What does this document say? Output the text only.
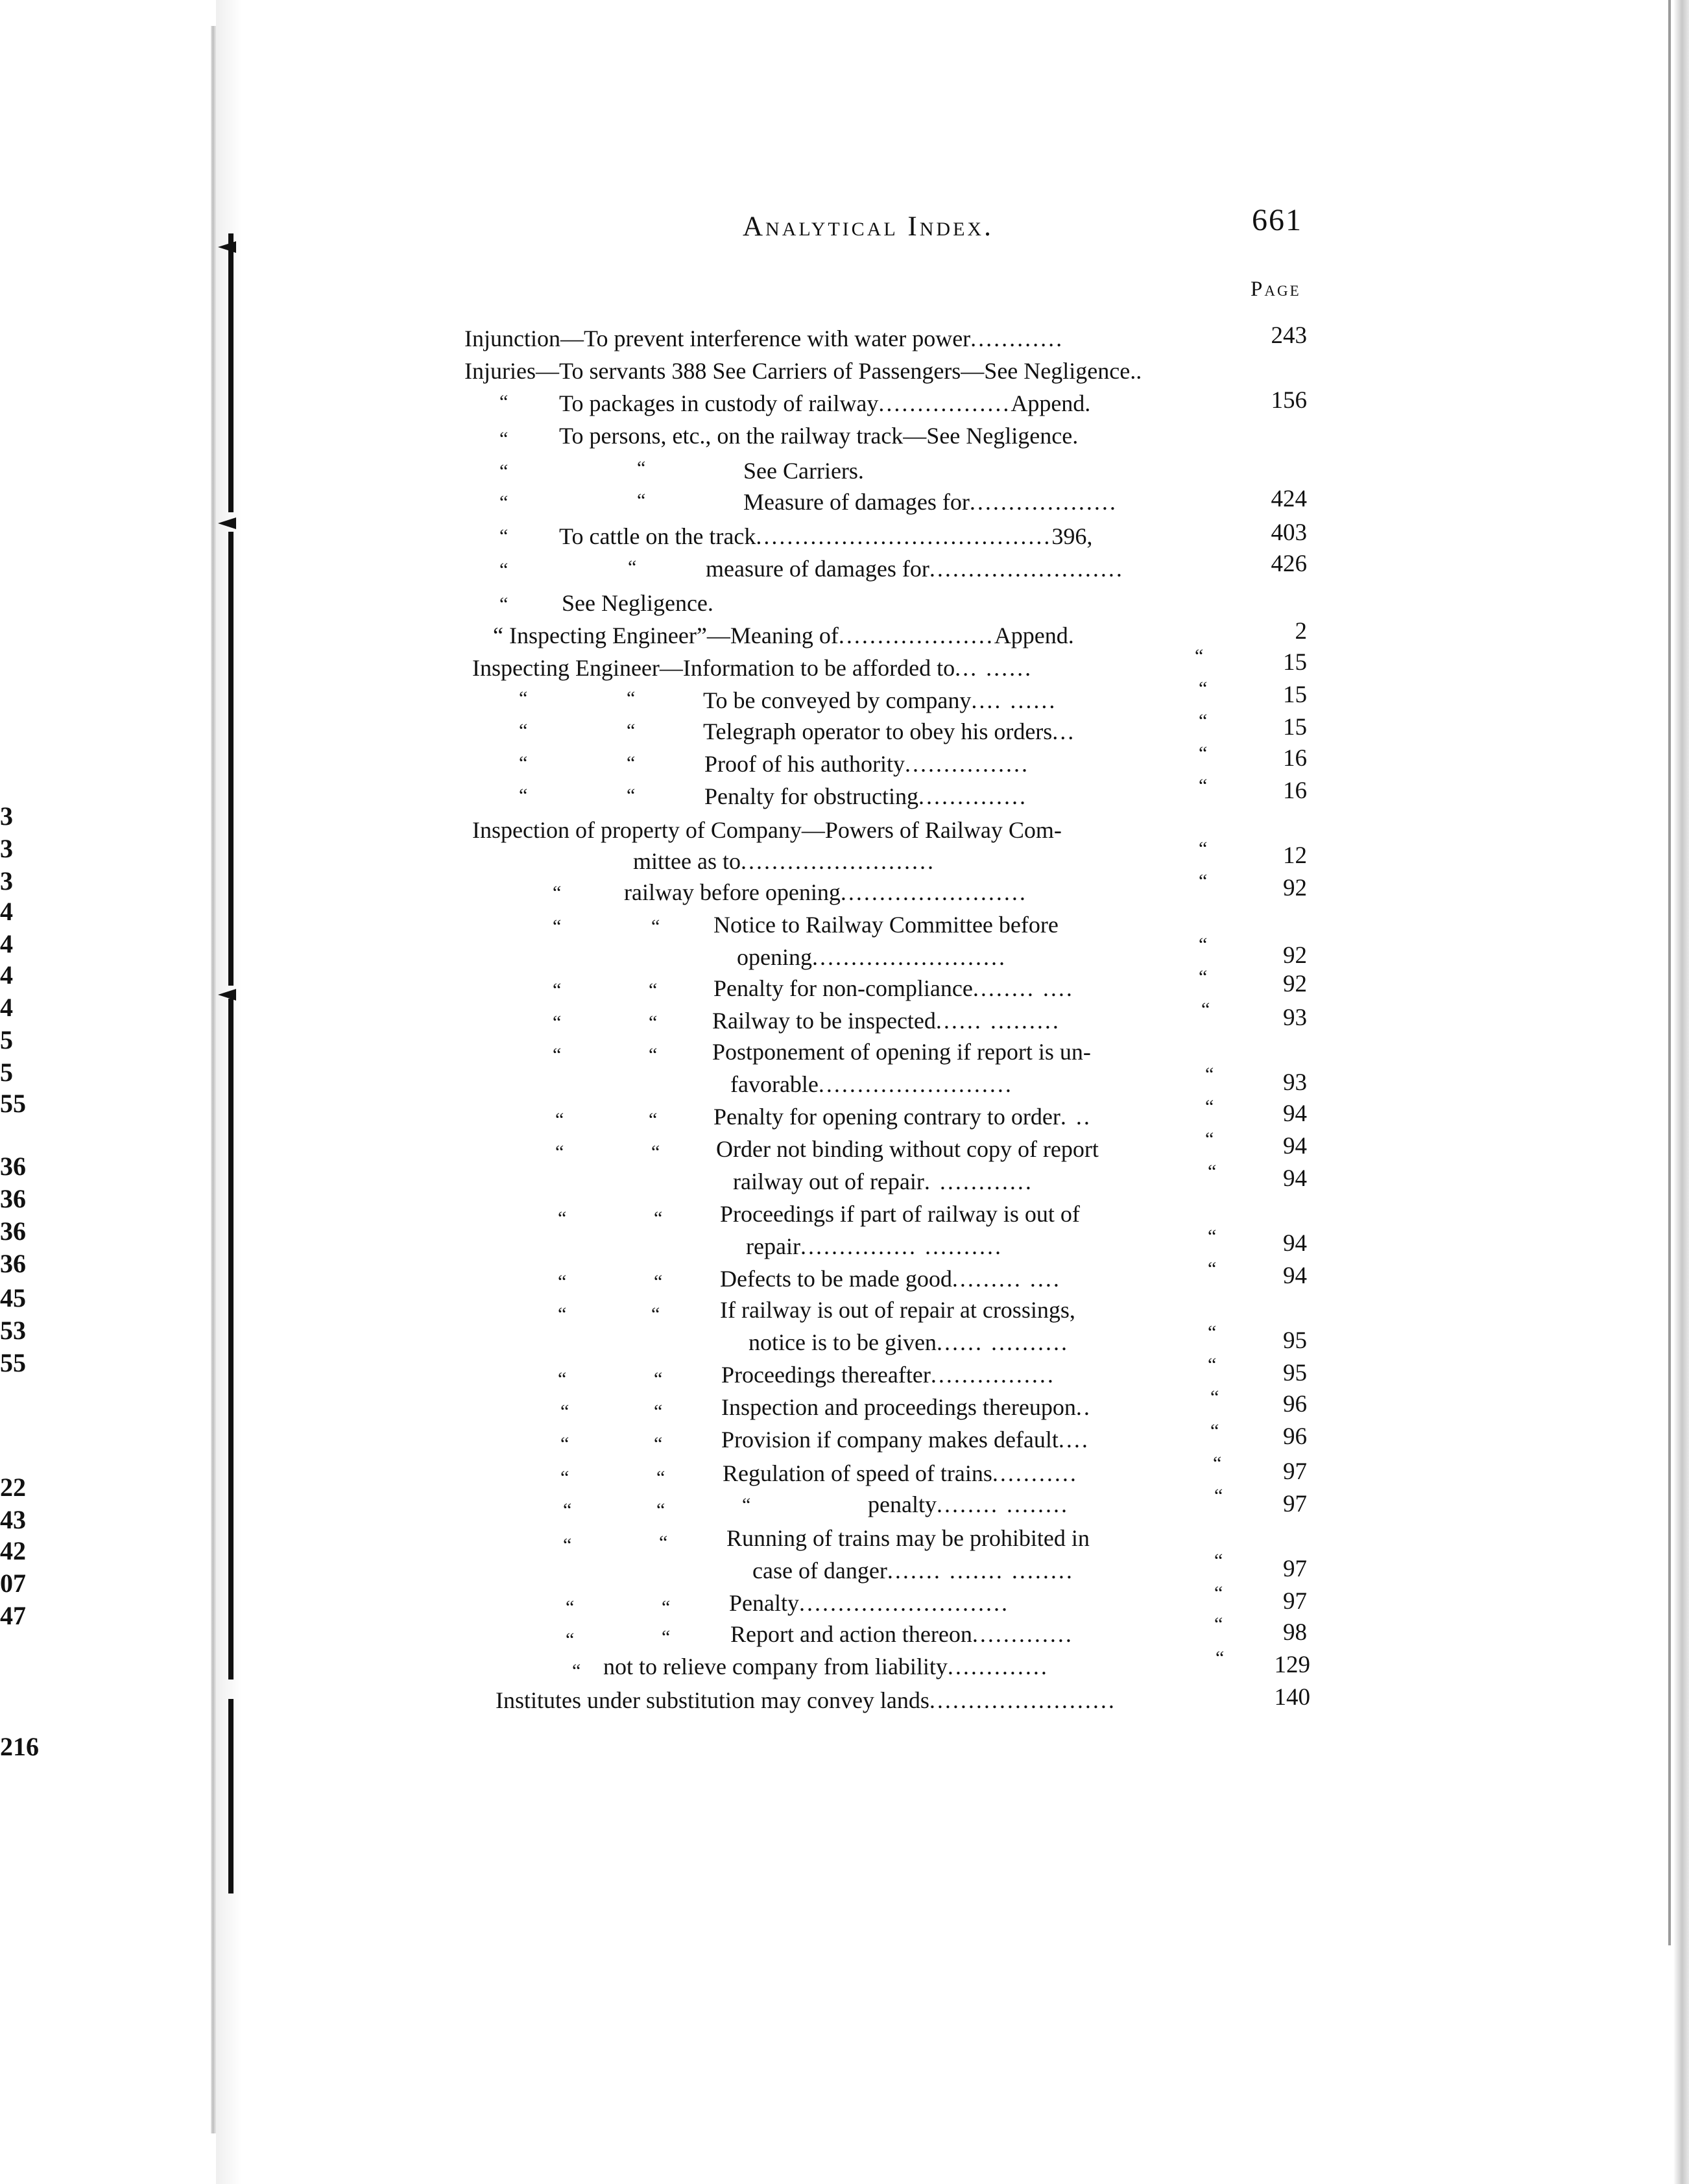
3
3
3
4
4
4
4
5
5
55
36
36
36
36
45
53
55
22
43
42
07
47
216
Analytical Index.	661
Page
Injunction—To prevent interference with water power............	243
Injuries—To servants 388 See Carriers of Passengers—See Negligence..
“ To packages in custody of railway.................Append.	156
“ To persons, etc., on the railway track—See Negligence.
“	“	See Carriers.
“	“	Measure of damages for...................	424
“ To cattle on the track......................................396,	403
“	“	measure of damages for.........................	426
“ See Negligence.
“ Inspecting Engineer”—Meaning of....................Append.	2
Inspecting Engineer—Information to be afforded to... ......	“	15
“	“	To be conveyed by company.... ......	“	15
“	“	Telegraph operator to obey his orders...	“	15
“	“	Proof of his authority................	“	16
“	“	Penalty for obstructing..............	“	16
Inspection of property of Company—Powers of Railway Com-
mittee as to.........................	“	12
“	railway before opening........................	“	92
“	“ Notice to Railway Committee before
opening.........................	“	92
“	“ Penalty for non-compliance........ ....	“	92
“	“ Railway to be inspected...... .........	“	93
“	“ Postponement of opening if report is un-
favorable.........................	“	93
“	“ Penalty for opening contrary to order. ..	“	94
“	“ Order not binding without copy of report	“	94
railway out of repair. ............	“	94
“	“ Proceedings if part of railway is out of
repair............... ..........	“	94
“	“ Defects to be made good......... ....	“	94
“	“	If railway is out of repair at crossings,
notice is to be given...... ..........	“	95
“	“	Proceedings thereafter................	“	95
“	“	Inspection and proceedings thereupon..	“	96
“	“	Provision if company makes default....	“	96
“	“ Regulation of speed of trains...........	“	97
“	“	“	penalty........ ........	“	97
“	“	Running of trains may be prohibited in
case of danger....... ....... ........	“	97
“	“	Penalty...........................	“	97
“	“	Report and action thereon.............	“	98
“ not to relieve company from liability.............	“	129
Institutes under substitution may convey lands........................	140
